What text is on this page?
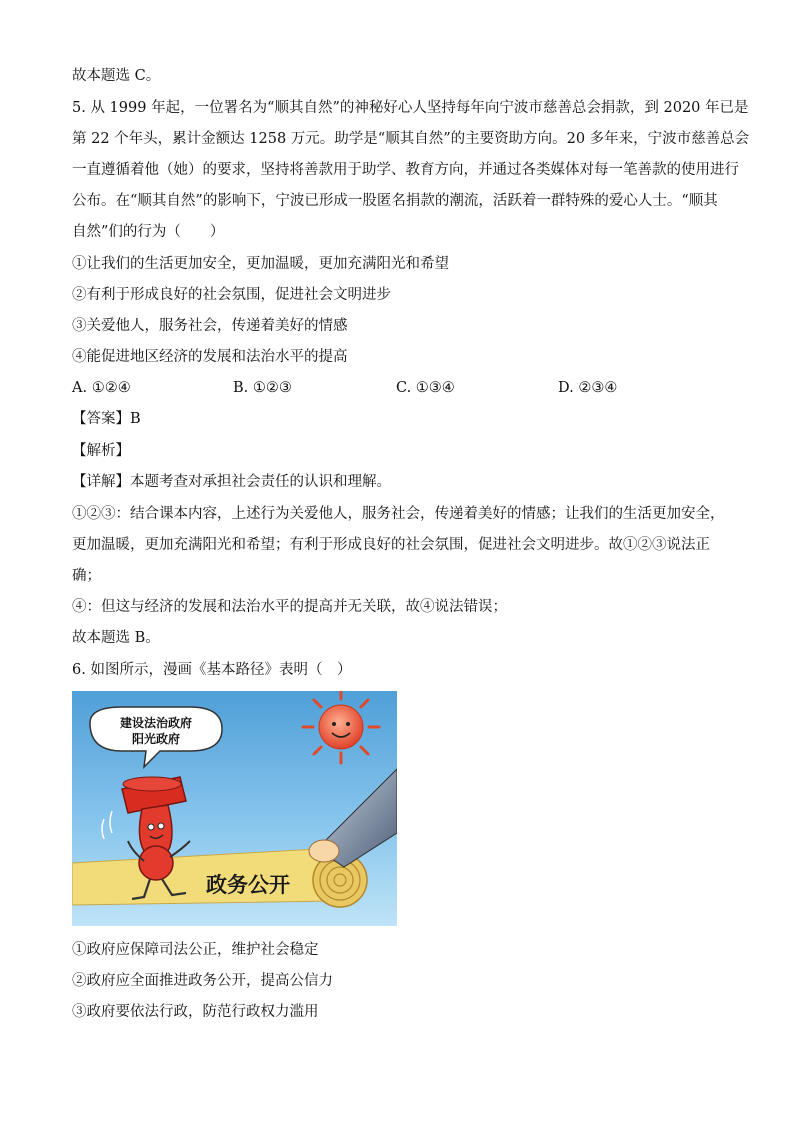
故本题选 C。
5. 从 1999 年起，一位署名为“顺其自然”的神秘好心人坚持每年向宁波市慈善总会捐款，到 2020 年已是
第 22 个年头，累计金额达 1258 万元。助学是“顺其自然”的主要资助方向。20 多年来，宁波市慈善总会
一直遵循着他（她）的要求，坚持将善款用于助学、教育方向，并通过各类媒体对每一笔善款的使用进行
公布。在“顺其自然”的影响下，宁波已形成一股匿名捐款的潮流，活跃着一群特殊的爱心人士。“顺其
自然”们的行为（　　）
①让我们的生活更加安全，更加温暖，更加充满阳光和希望
②有利于形成良好的社会氛围，促进社会文明进步
③关爱他人，服务社会，传递着美好的情感
④能促进地区经济的发展和法治水平的提高
A. ①②④	B. ①②③	C. ①③④	D. ②③④
【答案】B
【解析】
【详解】本题考查对承担社会责任的认识和理解。
①②③：结合课本内容，上述行为关爱他人，服务社会，传递着美好的情感；让我们的生活更加安全，
更加温暖，更加充满阳光和希望；有利于形成良好的社会氛围，促进社会文明进步。故①②③说法正
确；
④：但这与经济的发展和法治水平的提高并无关联，故④说法错误；
故本题选 B。
6. 如图所示，漫画《基本路径》表明（　）
建设法治政府
阳光政府
政务公开
①政府应保障司法公正，维护社会稳定
②政府应全面推进政务公开，提高公信力
③政府要依法行政，防范行政权力滥用
